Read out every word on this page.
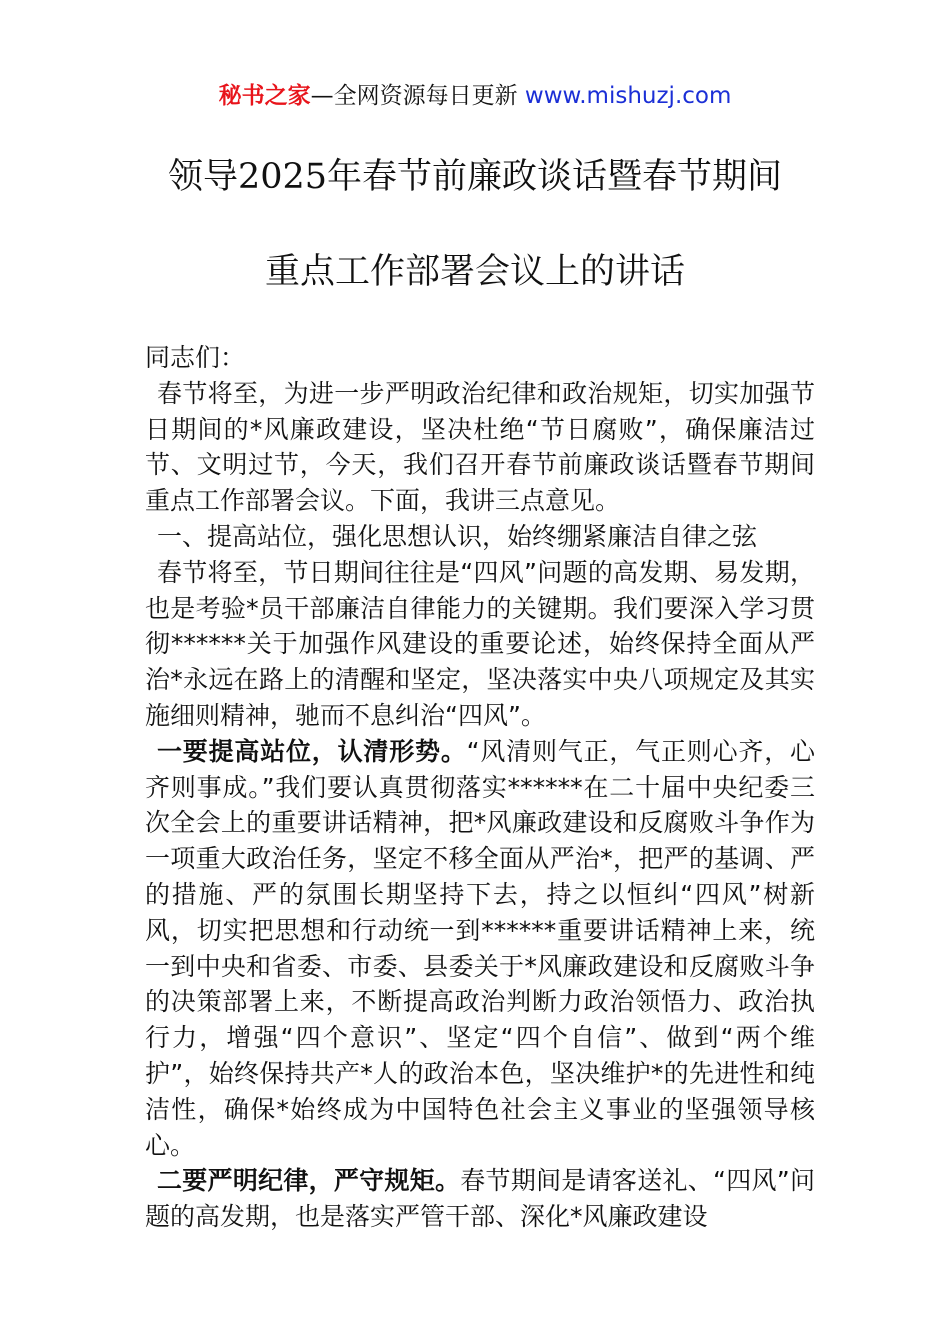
秘书之家—全网资源每日更新 www.mishuzj.com
领导2025年春节前廉政谈话暨春节期间
重点工作部署会议上的讲话

同志们：

春节将至，为进一步严明政治纪律和政治规矩，切实加强节日期间的*风廉政建设，坚决杜绝“节日腐败”，确保廉洁过节、文明过节，今天，我们召开春节前廉政谈话暨春节期间重点工作部署会议。下面，我讲三点意见。

一、提高站位，强化思想认识，始终绷紧廉洁自律之弦

春节将至，节日期间往往是“四风”问题的高发期、易发期，也是考验*员干部廉洁自律能力的关键期。我们要深入学习贯彻******关于加强作风建设的重要论述，始终保持全面从严治*永远在路上的清醒和坚定，坚决落实中央八项规定及其实施细则精神，驰而不息纠治“四风”。

一要提高站位，认清形势。“风清则气正，气正则心齐，心齐则事成。”我们要认真贯彻落实******在二十届中央纪委三次全会上的重要讲话精神，把*风廉政建设和反腐败斗争作为一项重大政治任务，坚定不移全面从严治*，把严的基调、严的措施、严的氛围长期坚持下去，持之以恒纠“四风”树新风，切实把思想和行动统一到******重要讲话精神上来，统一到中央和省委、市委、县委关于*风廉政建设和反腐败斗争的决策部署上来，不断提高政治判断力政治领悟力、政治执行力，增强“四个意识”、坚定“四个自信”、做到“两个维护”，始终保持共产*人的政治本色，坚决维护*的先进性和纯洁性，确保*始终成为中国特色社会主义事业的坚强领导核心。

二要严明纪律，严守规矩。春节期间是请客送礼、“四风”问题的高发期，也是落实严管干部、深化*风廉政建设
